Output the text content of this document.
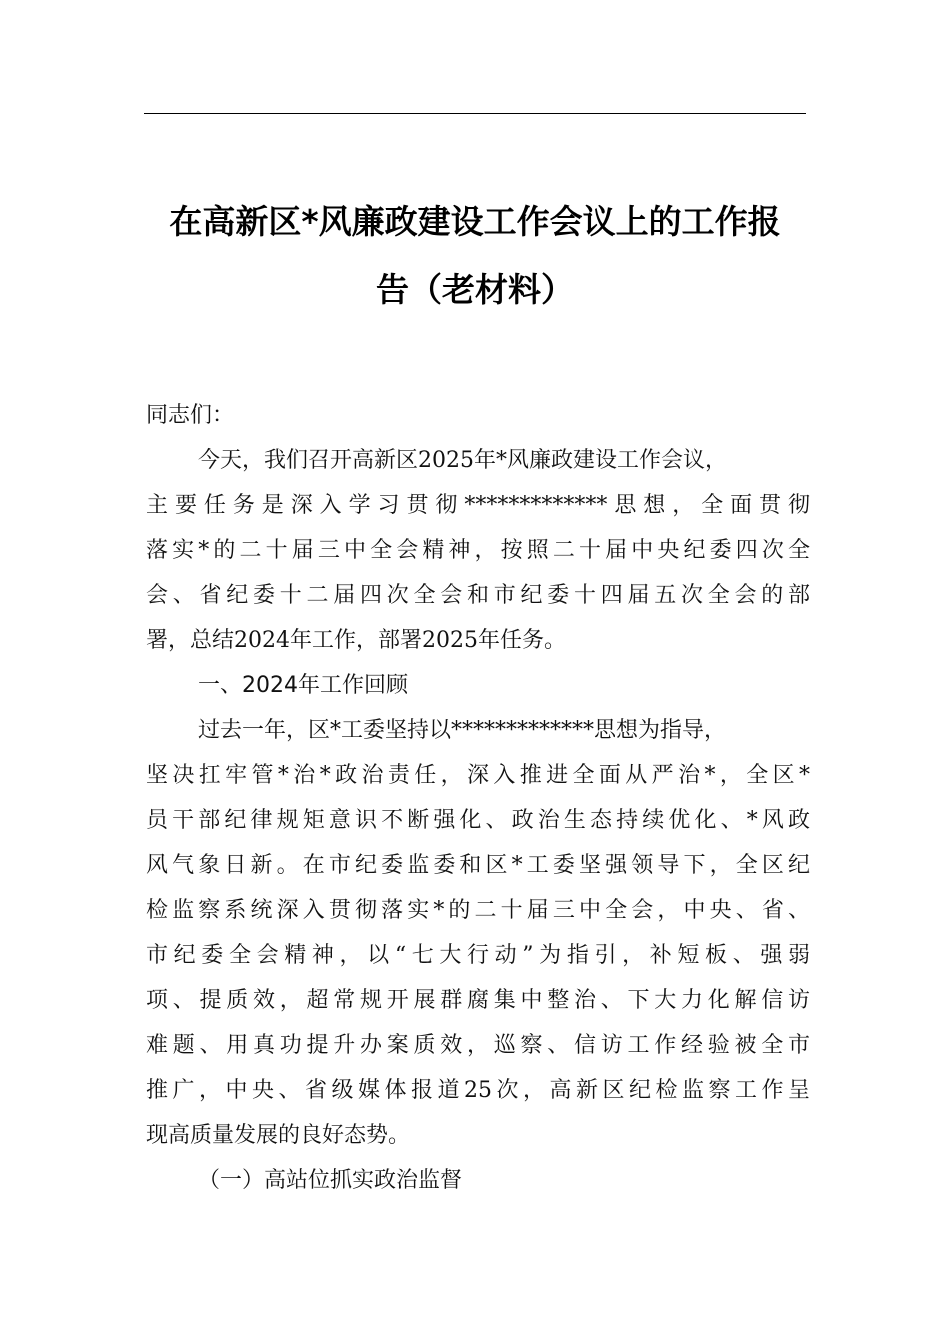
在高新区*风廉政建设工作会议上的工作报
告（老材料）
同志们：
今天，我们召开高新区2025年*风廉政建设工作会议，
主要任务是深入学习贯彻*************思想，全面贯彻
落实*的二十届三中全会精神，按照二十届中央纪委四次全
会、省纪委十二届四次全会和市纪委十四届五次全会的部
署，总结2024年工作，部署2025年任务。
一、2024年工作回顾
过去一年，区*工委坚持以*************思想为指导，
坚决扛牢管*治*政治责任，深入推进全面从严治*，全区*
员干部纪律规矩意识不断强化、政治生态持续优化、*风政
风气象日新。在市纪委监委和区*工委坚强领导下，全区纪
检监察系统深入贯彻落实*的二十届三中全会，中央、省、
市纪委全会精神，以“七大行动”为指引，补短板、强弱
项、提质效，超常规开展群腐集中整治、下大力化解信访
难题、用真功提升办案质效，巡察、信访工作经验被全市
推广，中央、省级媒体报道25次，高新区纪检监察工作呈
现高质量发展的良好态势。
（一）高站位抓实政治监督
